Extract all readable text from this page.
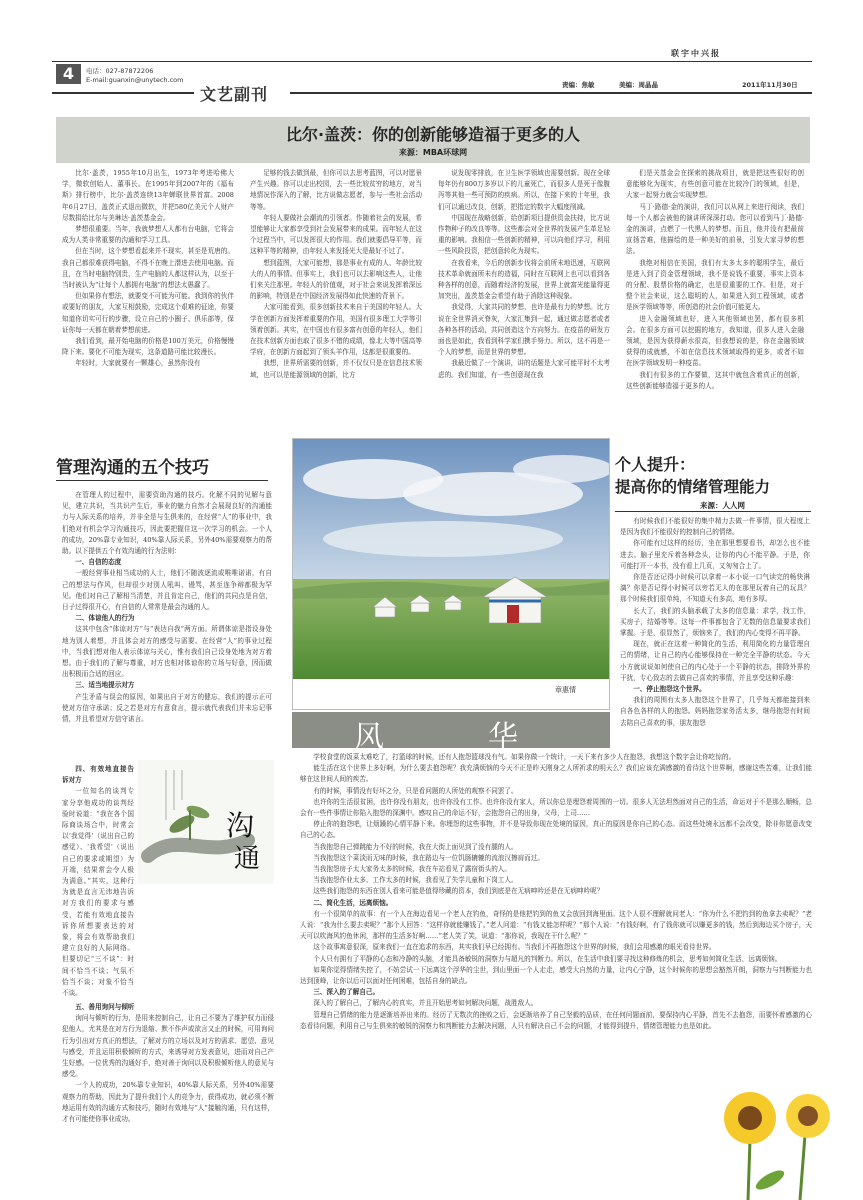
联宇中兴报
4	电话：027-87872206
E-mail:guanxin@unytech.com
文艺副刊	责编：焦敏	美编：周晶晶	2011年11月30日
比尔·盖茨：你的创新能够造福于更多的人
来源：MBA环球网

比尔·盖茨，1955年10月出生，1973年考进哈佛大学，微软创始人、董事长。在1995年到2007年的《福布斯》排行榜中，比尔·盖茨连续13年蝉联世界首富。2008年6月27日，盖茨正式退出微软，并把580亿美元个人财产尽数捐给比尔与美琳达·盖茨基金会。

梦想很重要。当年，我就梦想人人都有台电脑，它将会成为人类非常重要的沟通和学习工具。

但在当时，这个梦想看起来并不现实，甚至是荒唐的。我自己都很难获得电脑，不得不在晚上潜进去使用电脑。而且，在当时电脑特别贵，生产电脑的人都这样认为，以至于当时被认为“让每个人都拥有电脑”的想法太愚蠢了。

但如果你有想法，就要变不可能为可能。我到你的伙伴或要好的朋友，大家互相鼓励，完成这个艰难的征途，你要知道你切实可行的步骤，设立自己的小圈子、俱乐部等，保证你每一天都在朝着梦想前进。

我们看到，最开始电脑的价格是100万美元，价格慢慢降下来。要化不可能为现实，这条道路可能比较漫长。

年轻时，大家就要有一颗雄心，虽然你没有

足够的钱去做到最，但你可以去思考蓝图，可以对愿景产生兴趣。你可以走出校园，去一些比较贫穷的地方，对当地情况作深入的了解，比方说做志愿者，参与一些社会活动等等。

年轻人要做社会潮流的引领者。作随着社会的发展，希望能够让大家都享受到社会发展带来的成果。而年轻人在这个过程当中，可以发挥很大的作用。我们就要倡导平等，而这种平等的精神，由年轻人来发扬光大是最好不过了。

想到蓝图，大家可能想，那是事业有成的人、年龄比较大的人的事情。但事实上，我们也可以去影响这些人，让他们来关注那里。年轻人的价值观，对于社会来说发挥着深远的影响，特别是在中国经济发展得如此快速的背景下。

大家可能看到，很多创新技术来自于美国的年轻人。大学在创新方面发挥着重要的作用，美国有很多理工大学等引领着创新。其实，在中国也有很多富有创意的年轻人，他们在技术创新方面也取了很多不错的成绩，像北大等中国高等学府，在创新方面起到了领头羊作用，这都是很重要的。

我想，世界所需要的创新，并不仅仅只是在信息技术领域，也可以是能源领域的创新，比方

说发现零排放，在卫生医学领域也需要创新。现在全球每年仍有800万多岁以下的儿童死亡，而很多人是死于像腹泻等其他一些可预防的疾病。所以，在接下来的十年里，我们可以通过改良，创新，把指定的数字大幅度削减。

中国现在战略创新，给创新项目提供资金扶持，比方说作物种子的改良等等。这些都会对全世界的发展产生革足轻重的影响。我相信一些创新的精神，可以向他们学习，利用一些风险投资，把创意转化为现实。

在我看来，今后的创新步伐将会前所未地迅速，互联网技术革命就面所未有的造福，同时在互联网上也可以看到各种各样的创意，而随着经济的发展，世界上就富光能量得更加突出，盖茨基金会希望有助于消除这种现象。

我觉得，大家共同的梦想，也许是最有力的梦想。比方说在全世界消灭脊灰，大家汇集到一起，通过做志愿者或者各种各样的活动，共同创造这个方向努力。在疫苗的研发方面也是如此，我看到科学家们携手努力。所以，这不再是一个人的梦想，而是世界的梦想。

我最近做了一个演讲，讲的话题是大家可能平时不太考虑的。我们知道，有一些创意现在我

们是关基金会在探索的挑战项目，就是把这些很好的创意能够化为现实，有些创意可能在比较冷门的领域，但是，大家一起努力就会实现梦想。

马丁·路德·金的演讲，我们可以从网上来进行阅读，我们每一个人都会被他的演讲所深深打动。您可以看到马丁·路德·金的演讲，点燃了一代黑人的梦想。而且，他并没有把最前宣扬苦难，他描绘的是一种美好的前景，引发大家寻梦的想法。

我绝对相信在美国，我们有太多太多的聪明学生，最后是进入到了资金管理领域，我不是说钱不重要，事实上资本的分配、股票价格的确定，也是很重要的工作。但是，对于整个社会来说，这么聪明的人，如果进入到工程领域，或者是医学领域等等，所创造的社会价值可能更大。

进入金融领域也好，进入其他领域也罢，都有很多机会。在很多方面可以挖掘的地方，我知道，很多人进入金融领域，是因为获得薪水很高，但我想说的是，你在金融领域获得的成就感，不如在信息技术领域取得的更多，或者不如在医学领域发明一种疫苗。

我们有很多的工作要做，这其中就包含着真正的创新，这些创新能够造福于更多的人。

管理沟通的五个技巧

在管理人的过程中，需要资助沟通的技巧。化解不同的见解与意见，建立共识，当共识产生后，事业的魅力自然才会展现良好的沟通能力与人际关系的培养，并非全是与生俱来的，在经营“人”的事业中，我们绝对有机会学习沟通技巧，因此要把握住这一次学习的机会。一个人的成功，20%靠专业知识，40%靠人际关系，另外40%需要观察力的帮助。以下提供五个有效沟通的行为法则：

一、自信的态度

一般经营事业相当成功的人士，他们不随波逐流或唯唯诺诺，有自己的想法与作风，但却很少对别人吼叫、谩骂，甚至连争辩都极为罕见。他们对自己了解相当清楚，并且肯定自己，他们的共同点是自信，日子过得很开心，有自信的人常常是最会沟通的人。

二、体谅他人的行为

这其中包含“体谅对方”与“表达自我”两方面。所谓体谅是指设身处地为别人着想，并且体会对方的感受与需要。在经营“人”的事业过程中，当我们想对他人表示体谅与关心，惟有我们自己设身处地为对方着想。由于我们的了解与尊重，对方也相对体谅你的立场与好意，因而做出积极而合适的回应。

三、适当地提示对方

产生矛盾与误会的原因，如果出自于对方的健忘，我们的提示正可使对方信守承诺；反之若是对方有意食言，提示就代表我们并未忘记事情，并且希望对方信守诺言。

沟
通

四、有效地直接告诉对方

一位知名的谈判专家分享他成功的谈判经验时说道：“我在各个国际商谈场合中，时常会以‘我觉得’（说出自己的感觉）、‘我希望’（说出自己的要求或期望）为开端，结果常会令人极为满意。”其实，这种行为就是直言无讳地告诉对方我们的要求与感受，若能有效地直接告诉你所想要表达的对象，将会有效帮助我们建立良好的人际网络。但要切记“三不谈”：时间不恰当不谈；气氛不恰当不谈；对象不恰当不谈。

五、善用询问与倾听

询问与倾听的行为，是用来控制自己，让自己不要为了维护权力而侵犯他人，尤其是在对方行为退缩、默不作声或欲言又止的时候，可用询问行为引出对方真正的想法，了解对方的立场以及对方的需求、愿望、意见与感受，并且运用积极倾听的方式，来诱导对方发表意见，进而对自己产生好感。一位优秀的沟通好手，绝对善于询问以及积极倾听他人的意见与感受。

一个人的成功，20%靠专业知识，40%靠人际关系，另外40%需要观察力的帮助，因此为了提升我们个人的竞争力，获得成功，就必须不断地运用有效的沟通方式和技巧，随时有效地与“人”接触沟通，只有这样，才有可能使你事业成功。

章惠情
风	华
个人提升：
提高你的情绪管理能力
来源：人人网

有时候我们不能很好的集中精力去做一件事情，很大程度上是因为我们不能很好的控制自己的情绪。

你可能有过这样的经历，坐在那里想要看书，却怎么也不能进去。脑子里充斥着各种念头，让你的内心不能平静。于是，你可能打开一本书，没有看上几页，又匆匆合上了。

你是否还记得小时候可以拿着一本小说一口气读完的畅快淋漓？你是否记得小时候可以旁若无人的在那里玩着自己的玩具？那个时候我们很单纯，不知道天有多高，地有多厚。

长大了，我们的头脑承载了太多的信息量：求学，找工作，买房子，结婚等等。这每一件事都包含了无数的信息量要求我们掌握。于是，很显然了，烦恼来了，我们的内心变得不再平静。

现在，就正在这着一种简化的生活，利用简化的力量管理自己的情绪，让自己的内心能够保持在一种完全平静的状态。今天小方就说说如何使自己的内心处于一个平静的状态，排除外界的干扰，专心致志的去做自己喜欢的事情，并且享受这种乐趣：

一、停止抱怨这个世界。

我们的周围有太多人抱怨这个世界了，几乎每天都能接到来自各色各样的人的抱怨。妈妈抱怨家务活太多，继母抱怨有时间去陪自己喜欢的事，朋友抱怨

学校食堂的饭菜太难吃了，打篮球的时候，还有人抱怨篮球没有气。如果你做一个统计，一天下来有多少人在抱怨，我想这个数字会让你吃惊的。

能生活在这个世界上多好啊，为什么要去抱怨呢？我充满烦恼的今天不正是昨天刚身之人所祈求的明天么？我们应该充满感激的看待这个世界啊，感谢这些苦难，让我们能够在这世间人间的疾苦。

有的时候，事情没有好坏之分，只是看问题的人所处的观察不同罢了。

也许你的生活很贫困，也许你没有朋友，也许你没有工作。也许你没有家人，所以你总是埋怨着周围的一切。很多人无法坦然面对自己的生活，命运对于不是那么顺畅，总会有一些件事情让你陷入抱怨的深渊中。感叹自己的命运不好，会抱怨自己的出身，父母，上司……

停止你的抱怨吧，让烦躁的心情平静下来。你埋怨的这些事物，并不是导致你现在处境的原因，真正的原因是你自己的心态。而这些处境永远都不会改变，除非你愿意改变自己的心态。

当我抱怨自己弹跳能力不好的时候，我在大街上面见到了没有腿的人。

当我抱怨这个菜淡而无味的时候，我在路边与一位饥肠辘辘的流浪汉擦肩而过。

当我抱怨房子太大家务太多的时候，我在车站看见了露宿街头的人。

当我抱怨作业太多、工作太多的时候，我看见了失学儿童和下岗工人。

这些我们抱怨的东西在别人看来可能是值得珍藏的资本，我们到底是在无病呻吟还是在无病呻吟呢？

二、简化生活，远离烦恼。

有一个很简单的故事：有一个人在海边看见一个老人在钓鱼，奇怪的是他把钓到的鱼又会放回到海里面。这个人很不理解就问老人：“你为什么不把钓到的鱼拿去卖呢？”老人说：“我为什么要去卖呢？”那个人回答：“这样你就能赚钱了。”老人问道：“有钱又能怎样呢？”那个人说：“有钱好啊，有了钱你就可以赚更多的钱，然后到海边买个房子，天天可以吹海风钓鱼休闲，那样的生活多好啊……”老人笑了笑，说道：“那你说，我现在干什么呢？”

这个故事寓意很深，原来我们一直在追求的东西，其实我们早已经拥有。当我们不再抱怨这个世界的时候，我们会用感激的眼光看待世界。

个人只有拥有了平静的心态和冷静的头脑，才能具备敏锐的洞察力与超凡的判断力。所以，在生活中我们要寻找这种修炼的机会，思考如何简化生活，远离烦恼。

如果你觉得情绪失控了，不妨尝试一下远离这个浮华的尘世，到山里面一个人走走，感受大自然的力量，让内心宁静，这个时候你的思想会豁然开朗，洞察力与判断能力也达到顶峰，让你以后可以面对任何困难，包括自身的缺点。

三、深入的了解自己。

深入的了解自己，了解内心的真实，并且开始思考如何解决问题，战胜敌人。

管理自己情绪的能力是逐渐培养出来的。经历了无数次的挫败之后，会逐渐培养了自己坚毅的品质，在任何问题面前，要保持内心平静，首先不去抱怨，而要怀着感激的心态看待问题，利用自己与生俱来的敏锐的洞察力和判断能力去解决问题，人只有解决自己不会的问题，才能得到提升，情绪管理能力也是如此。
